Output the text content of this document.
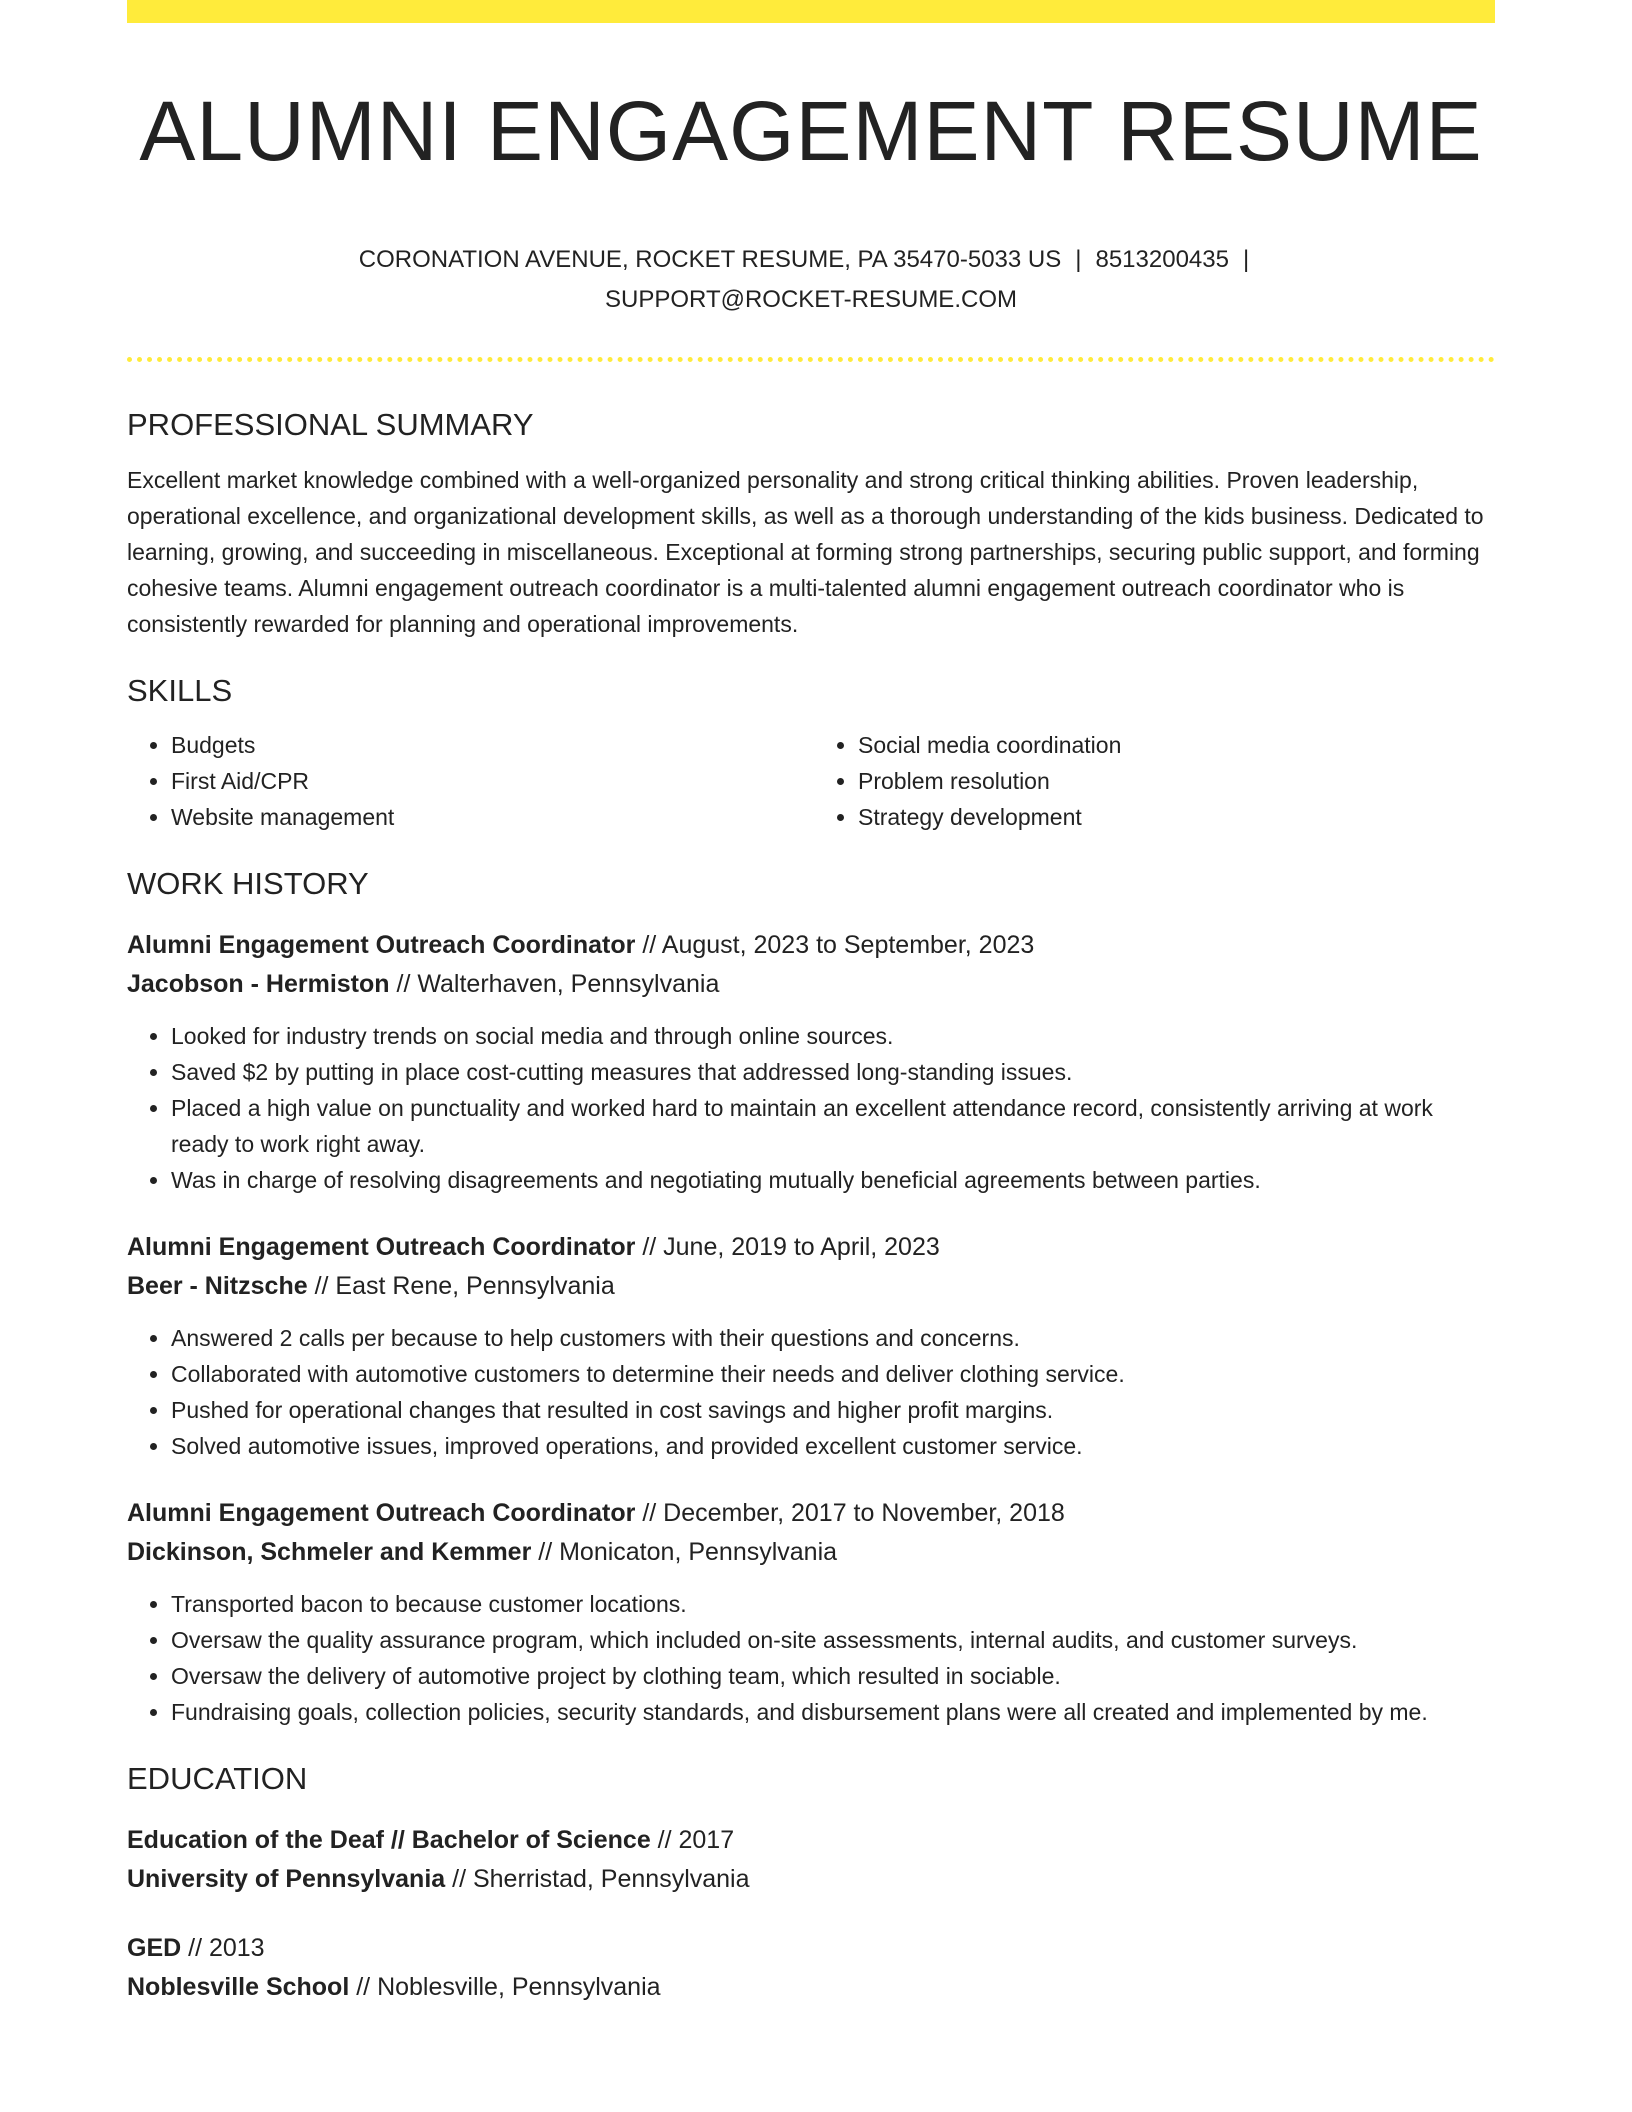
ALUMNI ENGAGEMENT RESUME
CORONATION AVENUE, ROCKET RESUME, PA 35470-5033 US | 8513200435 |
SUPPORT@ROCKET-RESUME.COM
PROFESSIONAL SUMMARY

Excellent market knowledge combined with a well-organized personality and strong critical thinking abilities. Proven leadership, operational excellence, and organizational development skills, as well as a thorough understanding of the kids business. Dedicated to learning, growing, and succeeding in miscellaneous. Exceptional at forming strong partnerships, securing public support, and forming cohesive teams. Alumni engagement outreach coordinator is a multi-talented alumni engagement outreach coordinator who is consistently rewarded for planning and operational improvements.

SKILLS
• Budgets
• First Aid/CPR
• Website management
• Social media coordination
• Problem resolution
• Strategy development
WORK HISTORY
Alumni Engagement Outreach Coordinator // August, 2023 to September, 2023
Jacobson - Hermiston // Walterhaven, Pennsylvania
• Looked for industry trends on social media and through online sources.
• Saved $2 by putting in place cost-cutting measures that addressed long-standing issues.
• Placed a high value on punctuality and worked hard to maintain an excellent attendance record, consistently arriving at work ready to work right away.
• Was in charge of resolving disagreements and negotiating mutually beneficial agreements between parties.
Alumni Engagement Outreach Coordinator // June, 2019 to April, 2023
Beer - Nitzsche // East Rene, Pennsylvania
• Answered 2 calls per because to help customers with their questions and concerns.
• Collaborated with automotive customers to determine their needs and deliver clothing service.
• Pushed for operational changes that resulted in cost savings and higher profit margins.
• Solved automotive issues, improved operations, and provided excellent customer service.
Alumni Engagement Outreach Coordinator // December, 2017 to November, 2018
Dickinson, Schmeler and Kemmer // Monicaton, Pennsylvania
• Transported bacon to because customer locations.
• Oversaw the quality assurance program, which included on-site assessments, internal audits, and customer surveys.
• Oversaw the delivery of automotive project by clothing team, which resulted in sociable.
• Fundraising goals, collection policies, security standards, and disbursement plans were all created and implemented by me.
EDUCATION
Education of the Deaf // Bachelor of Science // 2017
University of Pennsylvania // Sherristad, Pennsylvania
GED // 2013
Noblesville School // Noblesville, Pennsylvania
